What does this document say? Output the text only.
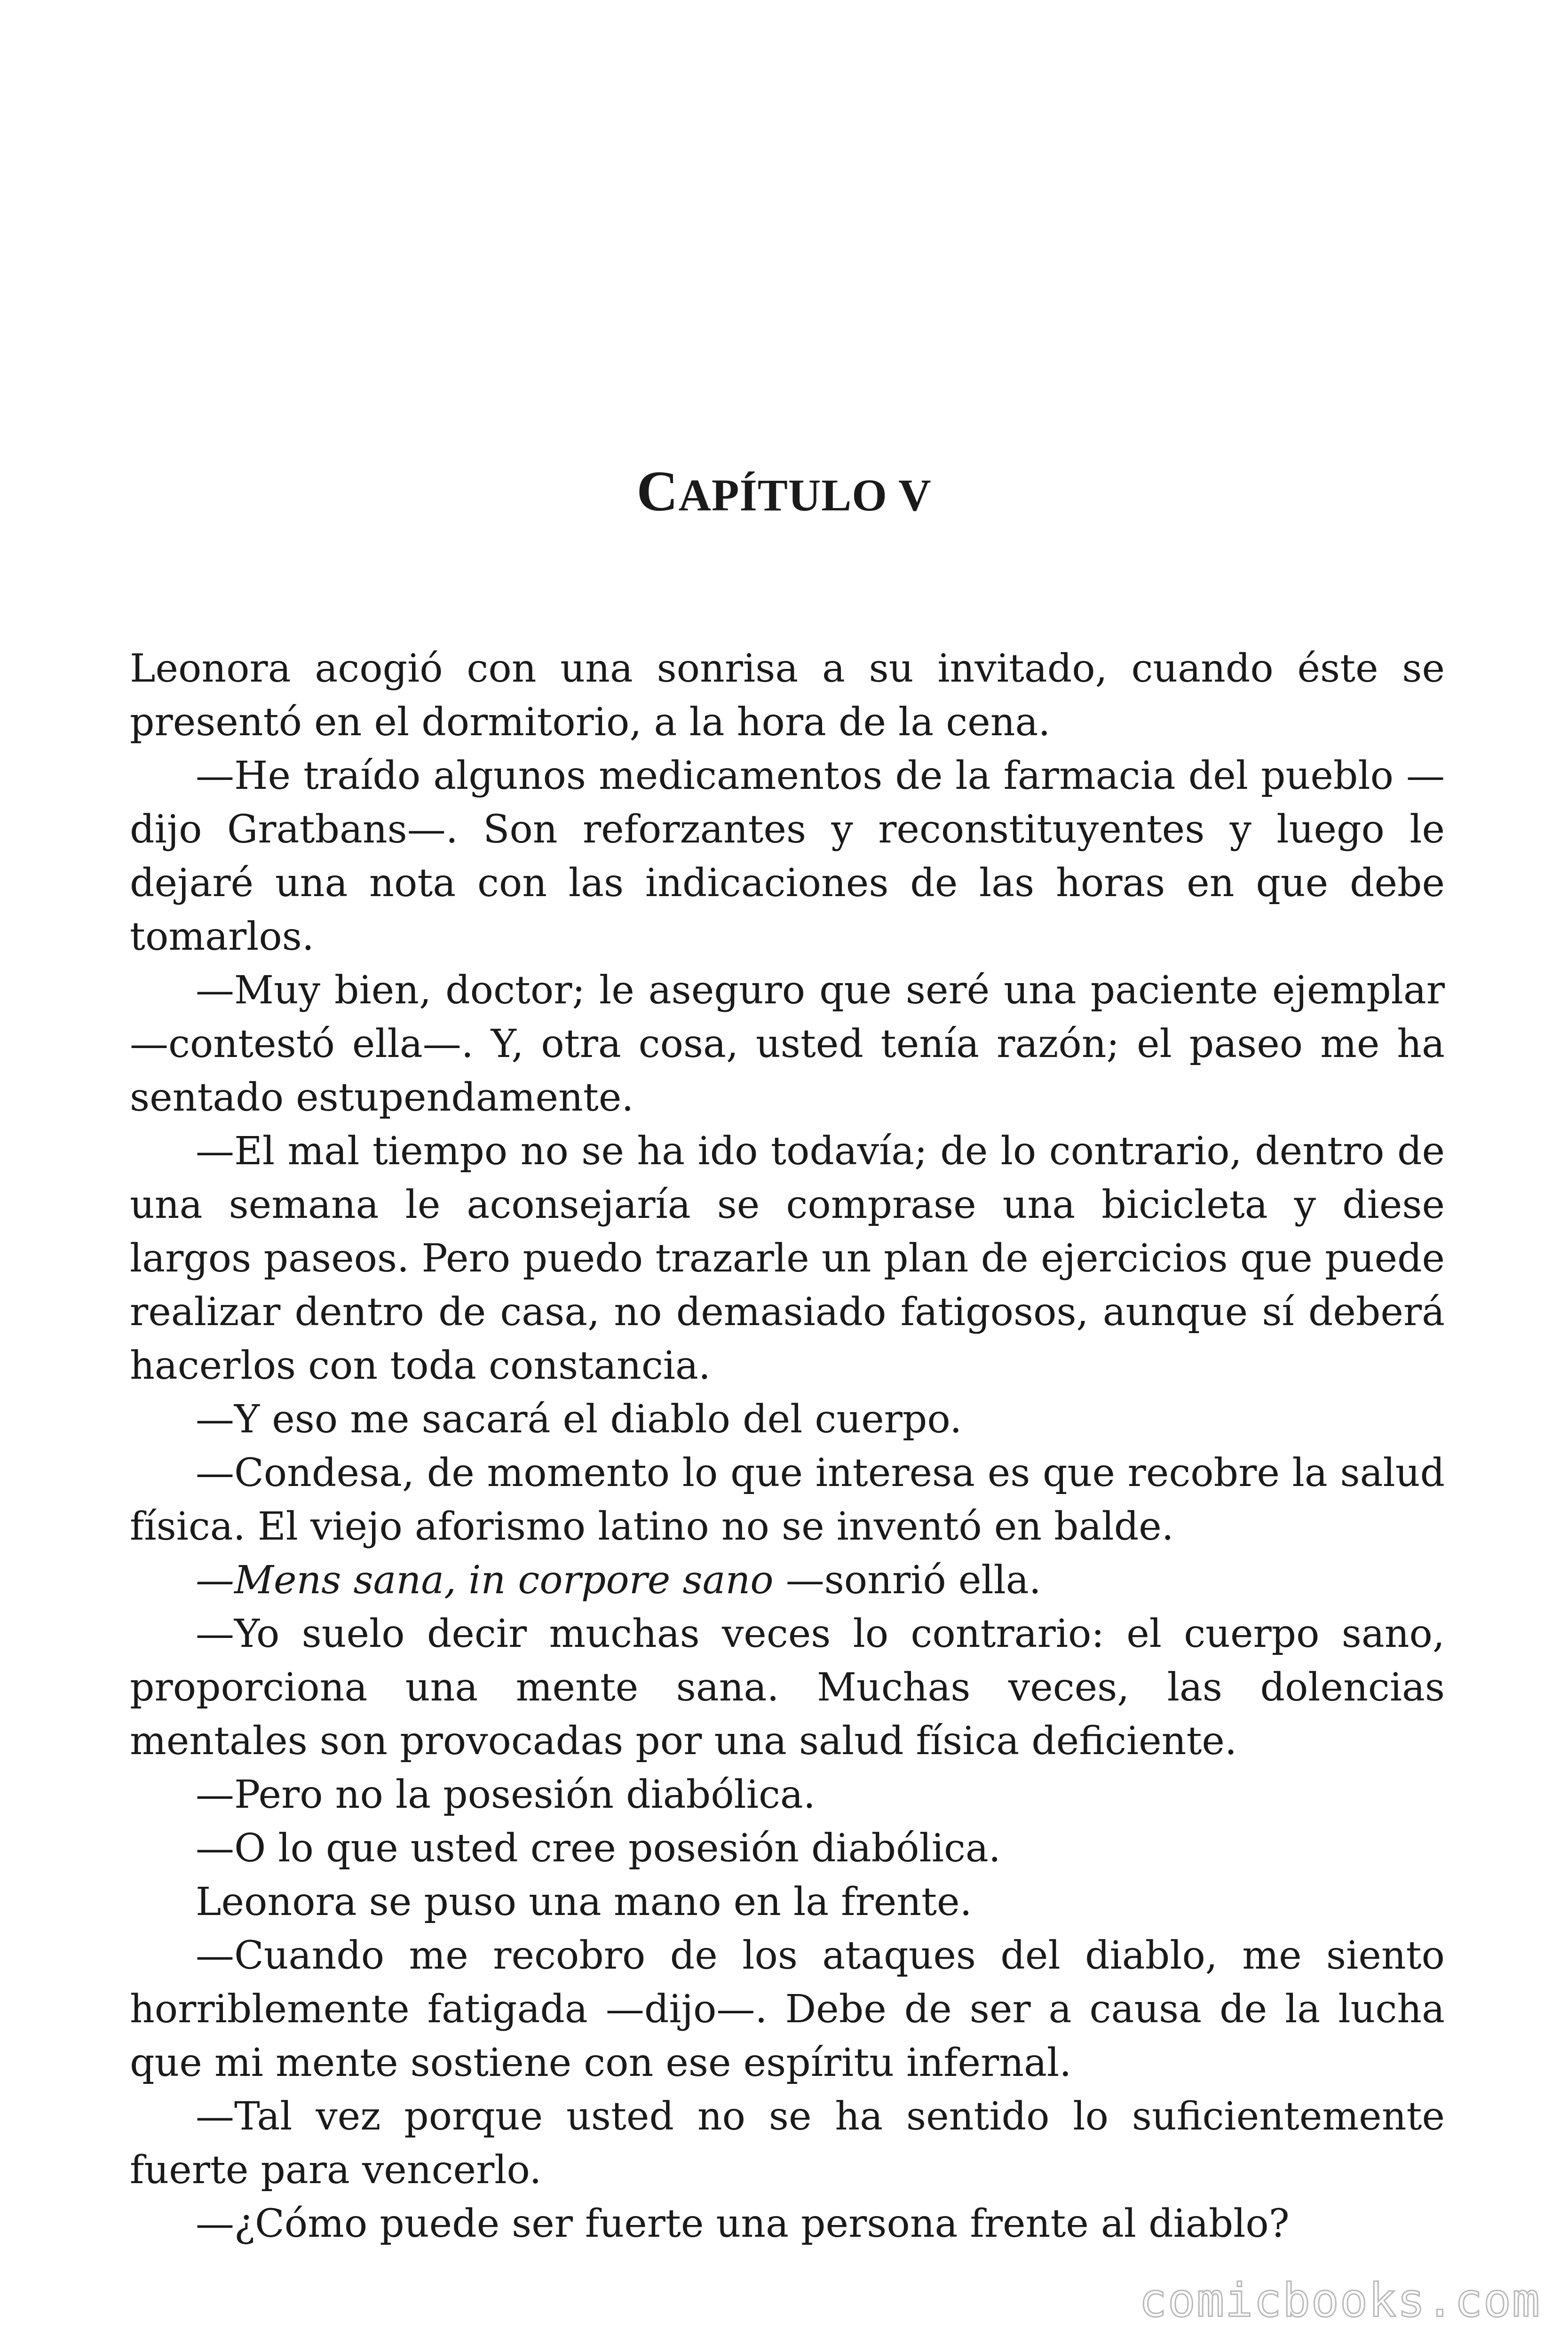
CAPÍTULO V

Leonora acogió con una sonrisa a su invitado, cuando éste se presentó en el dormitorio, a la hora de la cena.

—He traído algunos medicamentos de la farmacia del pueblo —dijo Gratbans—. Son reforzantes y reconstituyentes y luego le dejaré una nota con las indicaciones de las horas en que debe tomarlos.

—Muy bien, doctor; le aseguro que seré una paciente ejemplar —contestó ella—. Y, otra cosa, usted tenía razón; el paseo me ha sentado estupendamente.

—El mal tiempo no se ha ido todavía; de lo contrario, dentro de una semana le aconsejaría se comprase una bicicleta y diese largos paseos. Pero puedo trazarle un plan de ejercicios que puede realizar dentro de casa, no demasiado fatigosos, aunque sí deberá hacerlos con toda constancia.

—Y eso me sacará el diablo del cuerpo.

—Condesa, de momento lo que interesa es que recobre la salud física. El viejo aforismo latino no se inventó en balde.

—Mens sana, in corpore sano —sonrió ella.

—Yo suelo decir muchas veces lo contrario: el cuerpo sano, proporciona una mente sana. Muchas veces, las dolencias mentales son provocadas por una salud física deficiente.

—Pero no la posesión diabólica.

—O lo que usted cree posesión diabólica.

Leonora se puso una mano en la frente.

—Cuando me recobro de los ataques del diablo, me siento horriblemente fatigada —dijo—. Debe de ser a causa de la lucha que mi mente sostiene con ese espíritu infernal.

—Tal vez porque usted no se ha sentido lo suficientemente fuerte para vencerlo.

—¿Cómo puede ser fuerte una persona frente al diablo?

comicbooks.com
